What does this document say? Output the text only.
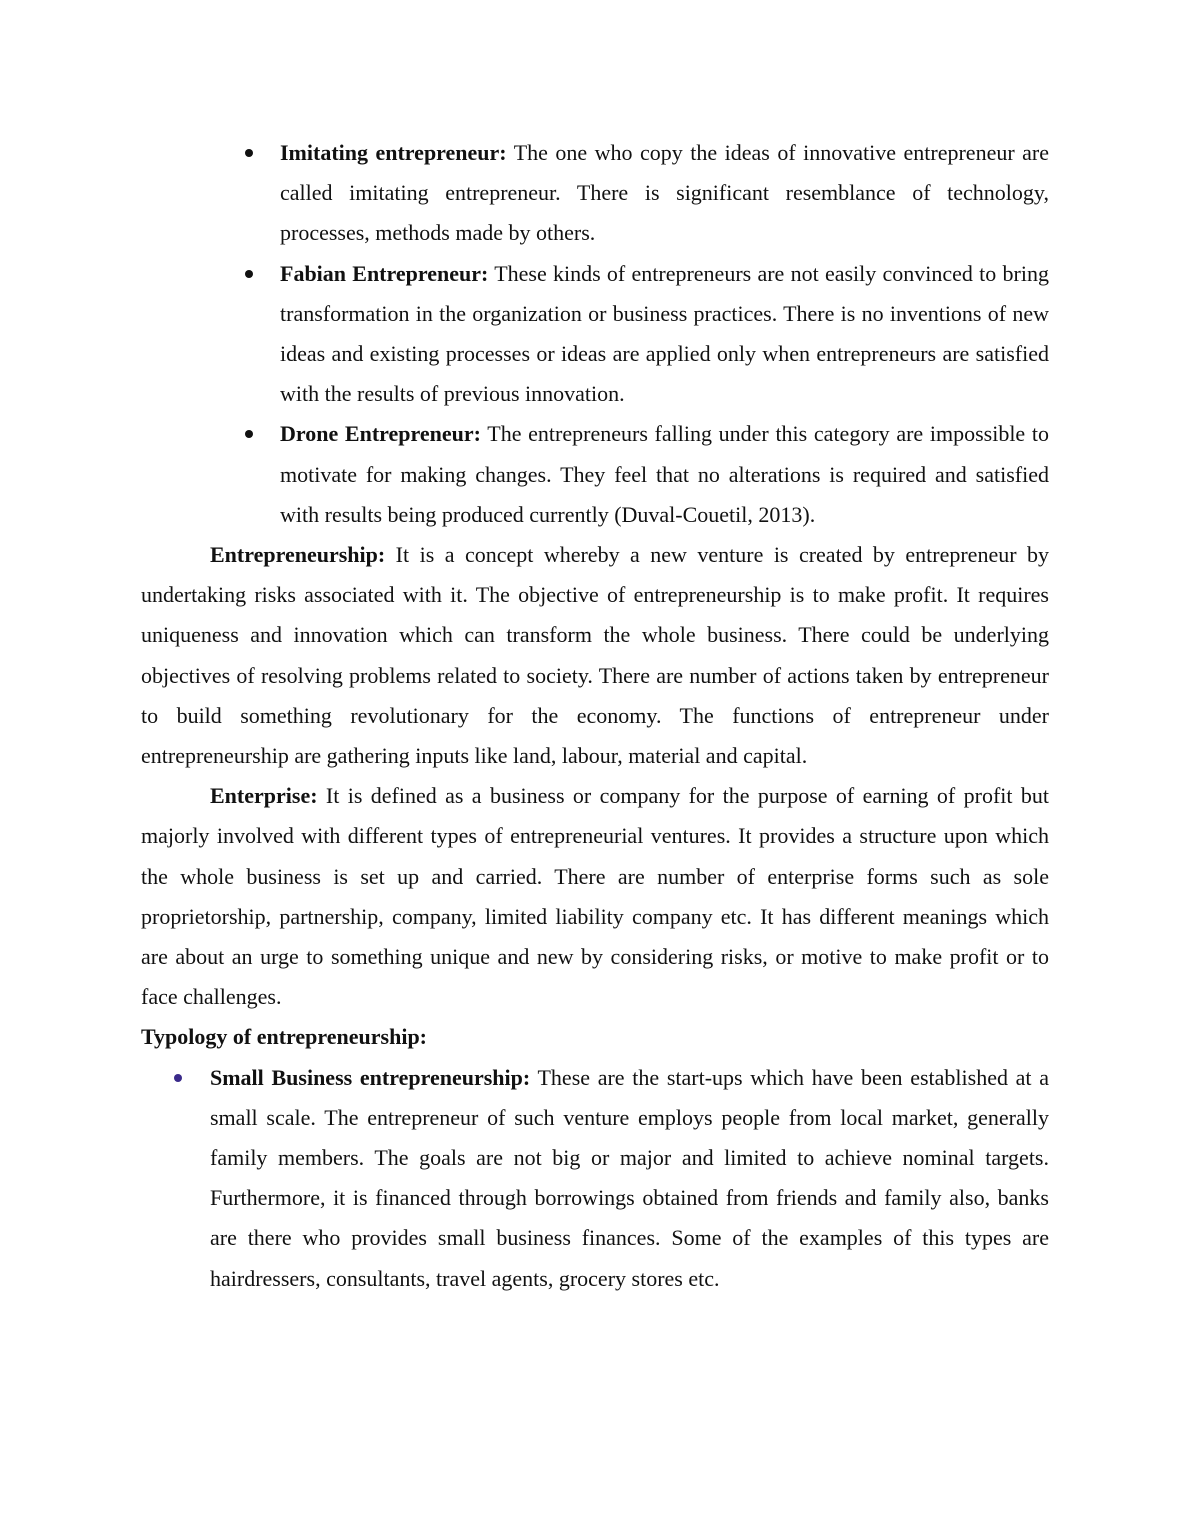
Imitating entrepreneur: The one who copy the ideas of innovative entrepreneur are called imitating entrepreneur. There is significant resemblance of technology, processes, methods made by others.
Fabian Entrepreneur: These kinds of entrepreneurs are not easily convinced to bring transformation in the organization or business practices. There is no inventions of new ideas and existing processes or ideas are applied only when entrepreneurs are satisfied with the results of previous innovation.
Drone Entrepreneur: The entrepreneurs falling under this category are impossible to motivate for making changes. They feel that no alterations is required and satisfied with results being produced currently (Duval-Couetil, 2013).

Entrepreneurship: It is a concept whereby a new venture is created by entrepreneur by undertaking risks associated with it. The objective of entrepreneurship is to make profit. It requires uniqueness and innovation which can transform the whole business. There could be underlying objectives of resolving problems related to society. There are number of actions taken by entrepreneur to build something revolutionary for the economy. The functions of entrepreneur under entrepreneurship are gathering inputs like land, labour, material and capital.

Enterprise: It is defined as a business or company for the purpose of earning of profit but majorly involved with different types of entrepreneurial ventures. It provides a structure upon which the whole business is set up and carried. There are number of enterprise forms such as sole proprietorship, partnership, company, limited liability company etc. It has different meanings which are about an urge to something unique and new by considering risks, or motive to make profit or to face challenges.

Typology of entrepreneurship:

Small Business entrepreneurship: These are the start-ups which have been established at a small scale. The entrepreneur of such venture employs people from local market, generally family members. The goals are not big or major and limited to achieve nominal targets. Furthermore, it is financed through borrowings obtained from friends and family also, banks are there who provides small business finances. Some of the examples of this types are hairdressers, consultants, travel agents, grocery stores etc.
